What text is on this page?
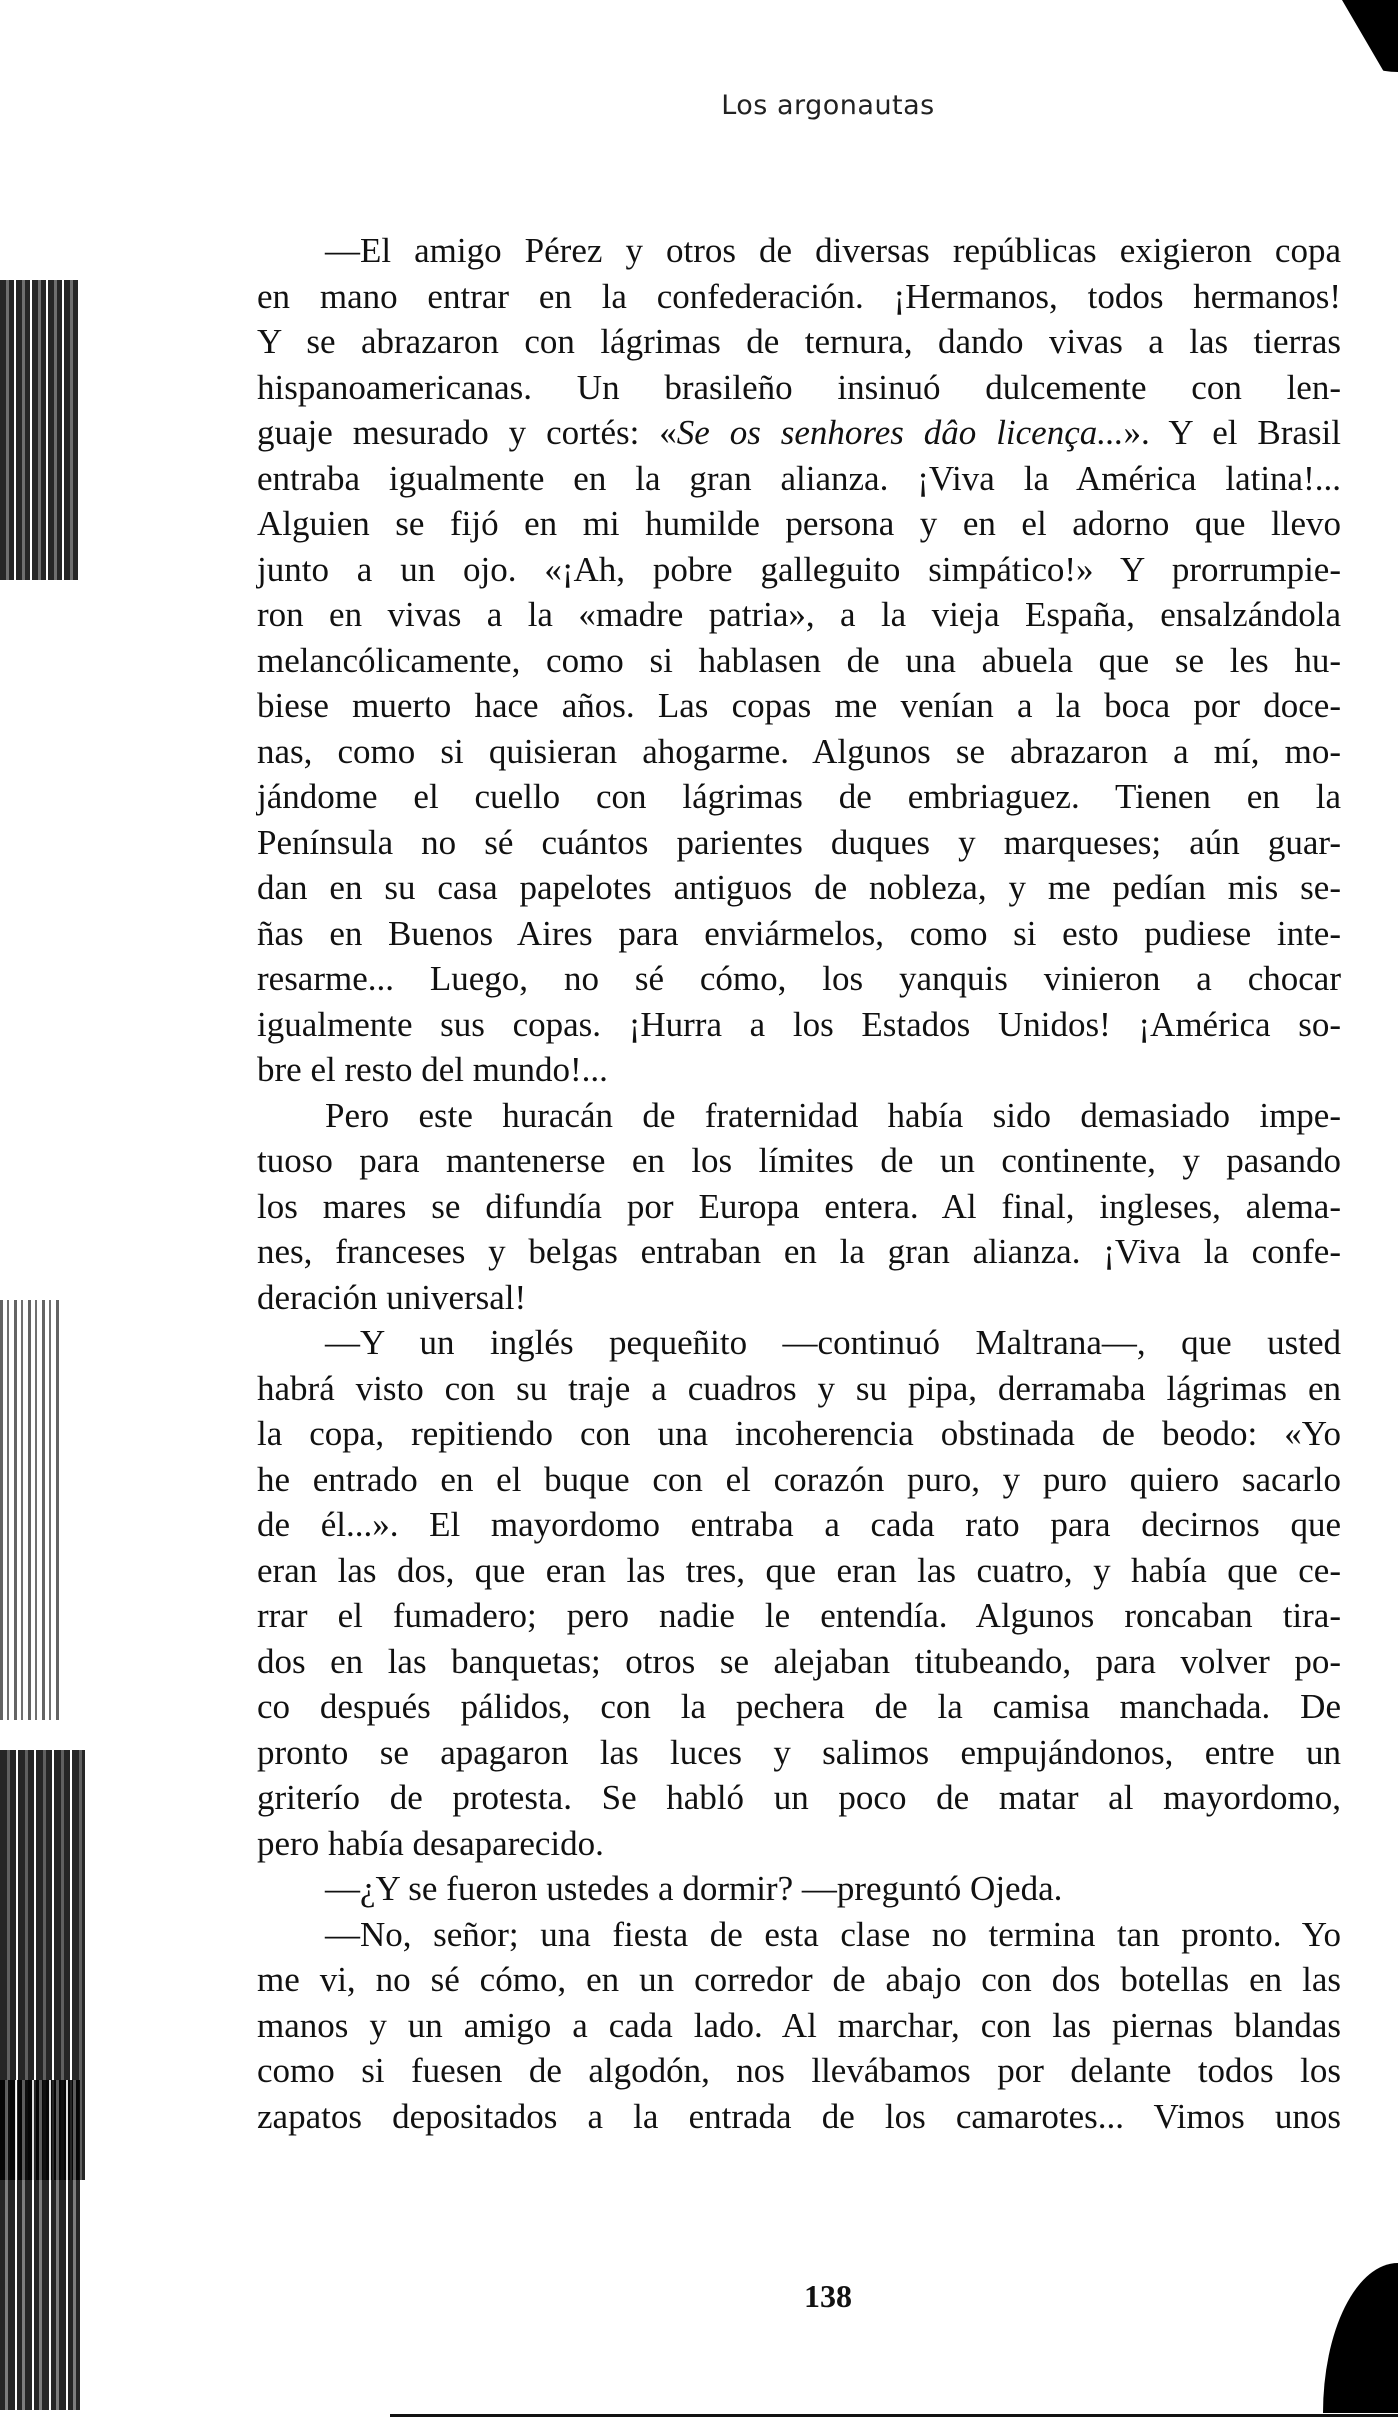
Los argonautas
—El amigo Pérez y otros de diversas repúblicas exigieron copa
en mano entrar en la confederación. ¡Hermanos, todos hermanos!
Y se abrazaron con lágrimas de ternura, dando vivas a las tierras
hispanoamericanas. Un brasileño insinuó dulcemente con len-
guaje mesurado y cortés: «Se os senhores dâo licença...». Y el Brasil
entraba igualmente en la gran alianza. ¡Viva la América latina!...
Alguien se fijó en mi humilde persona y en el adorno que llevo
junto a un ojo. «¡Ah, pobre galleguito simpático!» Y prorrumpie-
ron en vivas a la «madre patria», a la vieja España, ensalzándola
melancólicamente, como si hablasen de una abuela que se les hu-
biese muerto hace años. Las copas me venían a la boca por doce-
nas, como si quisieran ahogarme. Algunos se abrazaron a mí, mo-
jándome el cuello con lágrimas de embriaguez. Tienen en la
Península no sé cuántos parientes duques y marqueses; aún guar-
dan en su casa papelotes antiguos de nobleza, y me pedían mis se-
ñas en Buenos Aires para enviármelos, como si esto pudiese inte-
resarme... Luego, no sé cómo, los yanquis vinieron a chocar
igualmente sus copas. ¡Hurra a los Estados Unidos! ¡América so-
bre el resto del mundo!...
Pero este huracán de fraternidad había sido demasiado impe-
tuoso para mantenerse en los límites de un continente, y pasando
los mares se difundía por Europa entera. Al final, ingleses, alema-
nes, franceses y belgas entraban en la gran alianza. ¡Viva la confe-
deración universal!
—Y un inglés pequeñito —continuó Maltrana—, que usted
habrá visto con su traje a cuadros y su pipa, derramaba lágrimas en
la copa, repitiendo con una incoherencia obstinada de beodo: «Yo
he entrado en el buque con el corazón puro, y puro quiero sacarlo
de él...». El mayordomo entraba a cada rato para decirnos que
eran las dos, que eran las tres, que eran las cuatro, y había que ce-
rrar el fumadero; pero nadie le entendía. Algunos roncaban tira-
dos en las banquetas; otros se alejaban titubeando, para volver po-
co después pálidos, con la pechera de la camisa manchada. De
pronto se apagaron las luces y salimos empujándonos, entre un
griterío de protesta. Se habló un poco de matar al mayordomo,
pero había desaparecido.
—¿Y se fueron ustedes a dormir? —preguntó Ojeda.
—No, señor; una fiesta de esta clase no termina tan pronto. Yo
me vi, no sé cómo, en un corredor de abajo con dos botellas en las
manos y un amigo a cada lado. Al marchar, con las piernas blandas
como si fuesen de algodón, nos llevábamos por delante todos los
zapatos depositados a la entrada de los camarotes... Vimos unos
138
